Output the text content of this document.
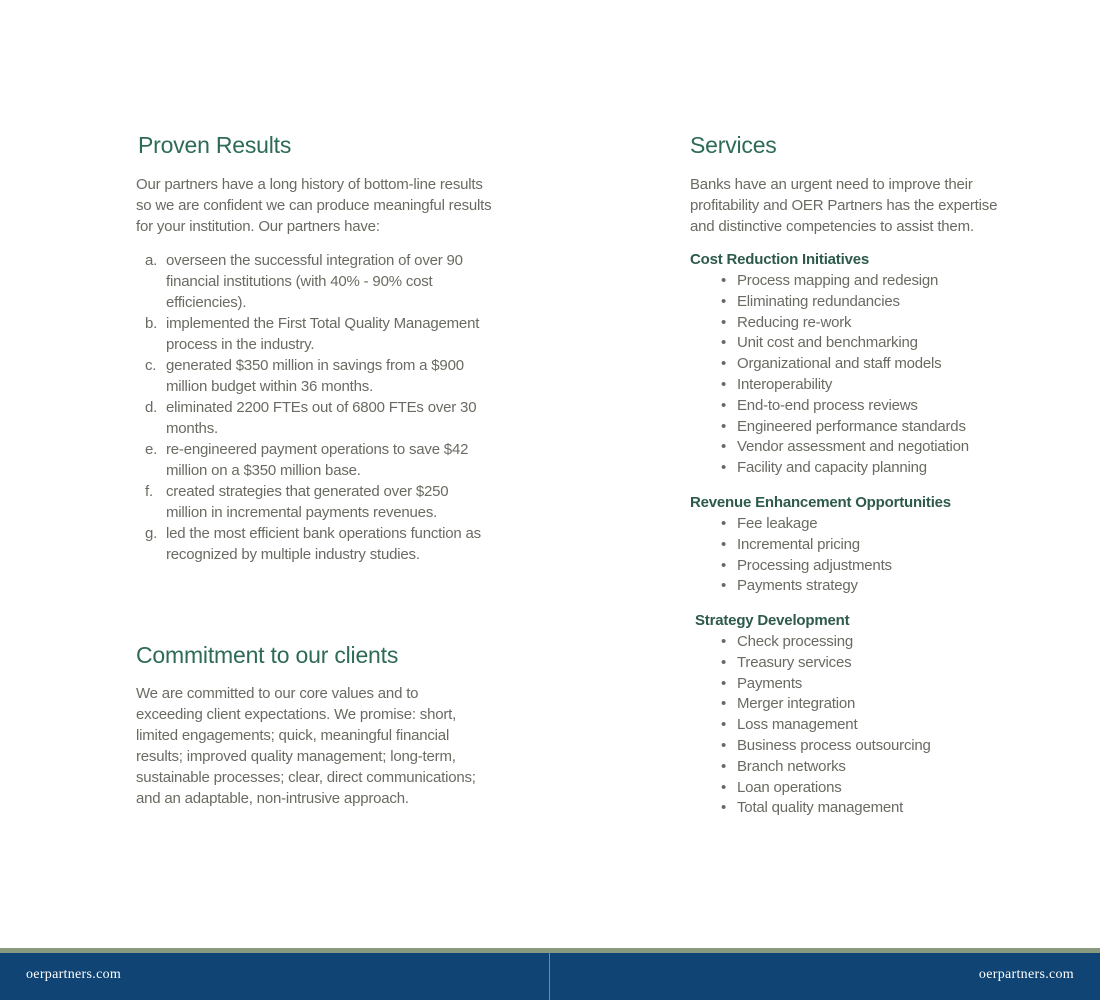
Proven Results

Our partners have a long history of bottom-line results so we are confident we can produce meaningful results for your institution. Our partners have:

a. overseen the successful integration of over 90 financial institutions (with 40% - 90% cost efficiencies).
b. implemented the First Total Quality Management process in the industry.
c. generated $350 million in savings from a $900 million budget within 36 months.
d. eliminated 2200 FTEs out of 6800 FTEs over 30 months.
e. re-engineered payment operations to save $42 million on a $350 million base.
f. created strategies that generated over $250 million in incremental payments revenues.
g. led the most efficient bank operations function as recognized by multiple industry studies.
Commitment to our clients

We are committed to our core values and to exceeding client expectations. We promise: short, limited engagements; quick, meaningful financial results; improved quality management; long-term, sustainable processes; clear, direct communications; and an adaptable, non-intrusive approach.

Services

Banks have an urgent need to improve their profitability and OER Partners has the expertise and distinctive competencies to assist them.

Cost Reduction Initiatives
• Process mapping and redesign
• Eliminating redundancies
• Reducing re-work
• Unit cost and benchmarking
• Organizational and staff models
• Interoperability
• End-to-end process reviews
• Engineered performance standards
• Vendor assessment and negotiation
• Facility and capacity planning
Revenue Enhancement Opportunities
• Fee leakage
• Incremental pricing
• Processing adjustments
• Payments strategy
Strategy Development
• Check processing
• Treasury services
• Payments
• Merger integration
• Loss management
• Business process outsourcing
• Branch networks
• Loan operations
• Total quality management
oerpartners.com	oerpartners.com
